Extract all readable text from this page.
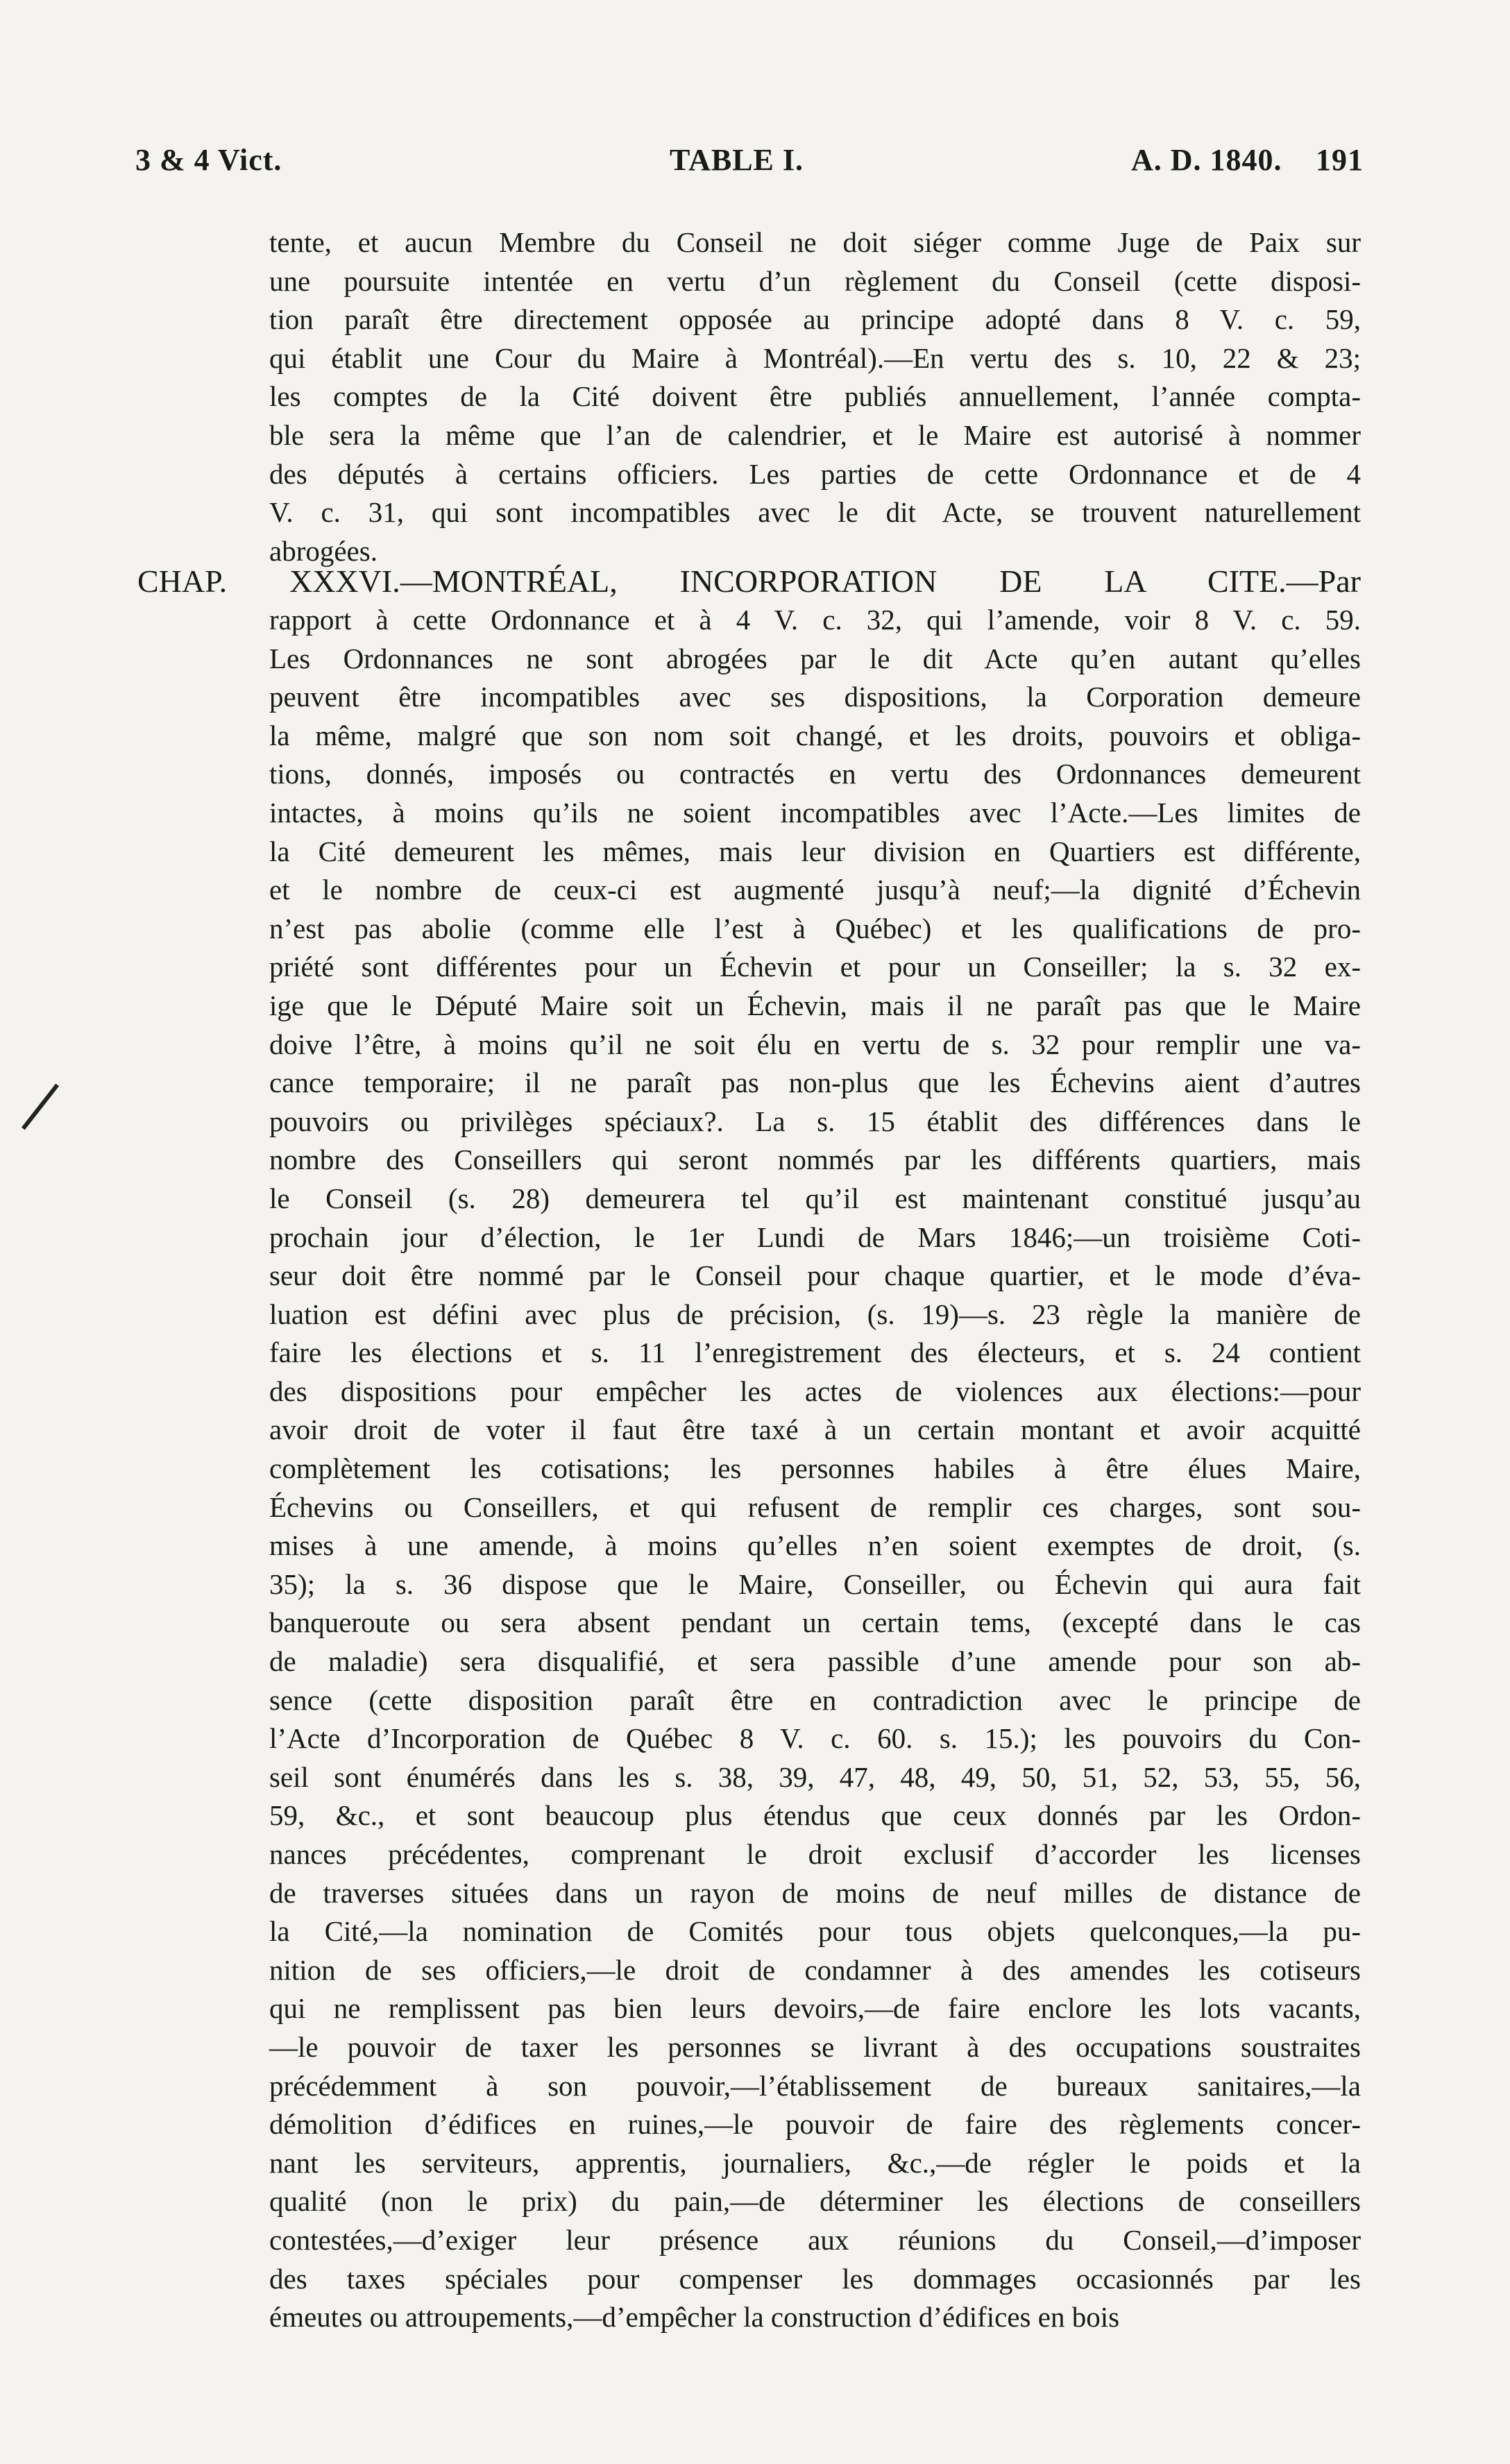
3 & 4 Vict.	TABLE I.	A. D. 1840. 191
tente, et aucun Membre du Conseil ne doit siéger comme Juge de Paix sur
une poursuite intentée en vertu d’un règlement du Conseil (cette disposi-
tion paraît être directement opposée au principe adopté dans 8 V. c. 59,
qui établit une Cour du Maire à Montréal).—En vertu des s. 10, 22 & 23;
les comptes de la Cité doivent être publiés annuellement, l’année compta-
ble sera la même que l’an de calendrier, et le Maire est autorisé à nommer
des députés à certains officiers. Les parties de cette Ordonnance et de 4
V. c. 31, qui sont incompatibles avec le dit Acte, se trouvent naturellement
abrogées.
CHAP. XXXVI.—MONTRÉAL, INCORPORATION DE LA CITE.—Par
rapport à cette Ordonnance et à 4 V. c. 32, qui l’amende, voir 8 V. c. 59.
Les Ordonnances ne sont abrogées par le dit Acte qu’en autant qu’elles
peuvent être incompatibles avec ses dispositions, la Corporation demeure
la même, malgré que son nom soit changé, et les droits, pouvoirs et obliga-
tions, donnés, imposés ou contractés en vertu des Ordonnances demeurent
intactes, à moins qu’ils ne soient incompatibles avec l’Acte.—Les limites de
la Cité demeurent les mêmes, mais leur division en Quartiers est différente,
et le nombre de ceux-ci est augmenté jusqu’à neuf;—la dignité d’Échevin
n’est pas abolie (comme elle l’est à Québec) et les qualifications de pro-
priété sont différentes pour un Échevin et pour un Conseiller; la s. 32 ex-
ige que le Député Maire soit un Échevin, mais il ne paraît pas que le Maire
doive l’être, à moins qu’il ne soit élu en vertu de s. 32 pour remplir une va-
cance temporaire; il ne paraît pas non-plus que les Échevins aient d’autres
pouvoirs ou privilèges spéciaux?. La s. 15 établit des différences dans le
nombre des Conseillers qui seront nommés par les différents quartiers, mais
le Conseil (s. 28) demeurera tel qu’il est maintenant constitué jusqu’au
prochain jour d’élection, le 1er Lundi de Mars 1846;—un troisième Coti-
seur doit être nommé par le Conseil pour chaque quartier, et le mode d’éva-
luation est défini avec plus de précision, (s. 19)—s. 23 règle la manière de
faire les élections et s. 11 l’enregistrement des électeurs, et s. 24 contient
des dispositions pour empêcher les actes de violences aux élections:—pour
avoir droit de voter il faut être taxé à un certain montant et avoir acquitté
complètement les cotisations; les personnes habiles à être élues Maire,
Échevins ou Conseillers, et qui refusent de remplir ces charges, sont sou-
mises à une amende, à moins qu’elles n’en soient exemptes de droit, (s.
35); la s. 36 dispose que le Maire, Conseiller, ou Échevin qui aura fait
banqueroute ou sera absent pendant un certain tems, (excepté dans le cas
de maladie) sera disqualifié, et sera passible d’une amende pour son ab-
sence (cette disposition paraît être en contradiction avec le principe de
l’Acte d’Incorporation de Québec 8 V. c. 60. s. 15.); les pouvoirs du Con-
seil sont énumérés dans les s. 38, 39, 47, 48, 49, 50, 51, 52, 53, 55, 56,
59, &c., et sont beaucoup plus étendus que ceux donnés par les Ordon-
nances précédentes, comprenant le droit exclusif d’accorder les licenses
de traverses situées dans un rayon de moins de neuf milles de distance de
la Cité,—la nomination de Comités pour tous objets quelconques,—la pu-
nition de ses officiers,—le droit de condamner à des amendes les cotiseurs
qui ne remplissent pas bien leurs devoirs,—de faire enclore les lots vacants,
—le pouvoir de taxer les personnes se livrant à des occupations soustraites
précédemment à son pouvoir,—l’établissement de bureaux sanitaires,—la
démolition d’édifices en ruines,—le pouvoir de faire des règlements concer-
nant les serviteurs, apprentis, journaliers, &c.,—de régler le poids et la
qualité (non le prix) du pain,—de déterminer les élections de conseillers
contestées,—d’exiger leur présence aux réunions du Conseil,—d’imposer
des taxes spéciales pour compenser les dommages occasionnés par les
émeutes ou attroupements,—d’empêcher la construction d’édifices en bois
